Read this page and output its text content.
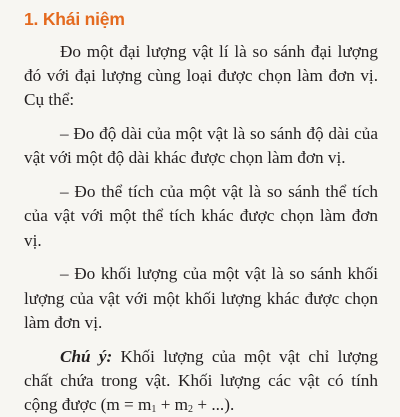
1. Khái niệm

Đo một đại lượng vật lí là so sánh đại lượng đó với đại lượng cùng loại được chọn làm đơn vị. Cụ thể:

– Đo độ dài của một vật là so sánh độ dài của vật với một độ dài khác được chọn làm đơn vị.

– Đo thể tích của một vật là so sánh thể tích của vật với một thể tích khác được chọn làm đơn vị.

– Đo khối lượng của một vật là so sánh khối lượng của vật với một khối lượng khác được chọn làm đơn vị.

Chú ý: Khối lượng của một vật chỉ lượng chất chứa trong vật. Khối lượng các vật có tính cộng được ($m = m_1 + m_2$ + ...).
